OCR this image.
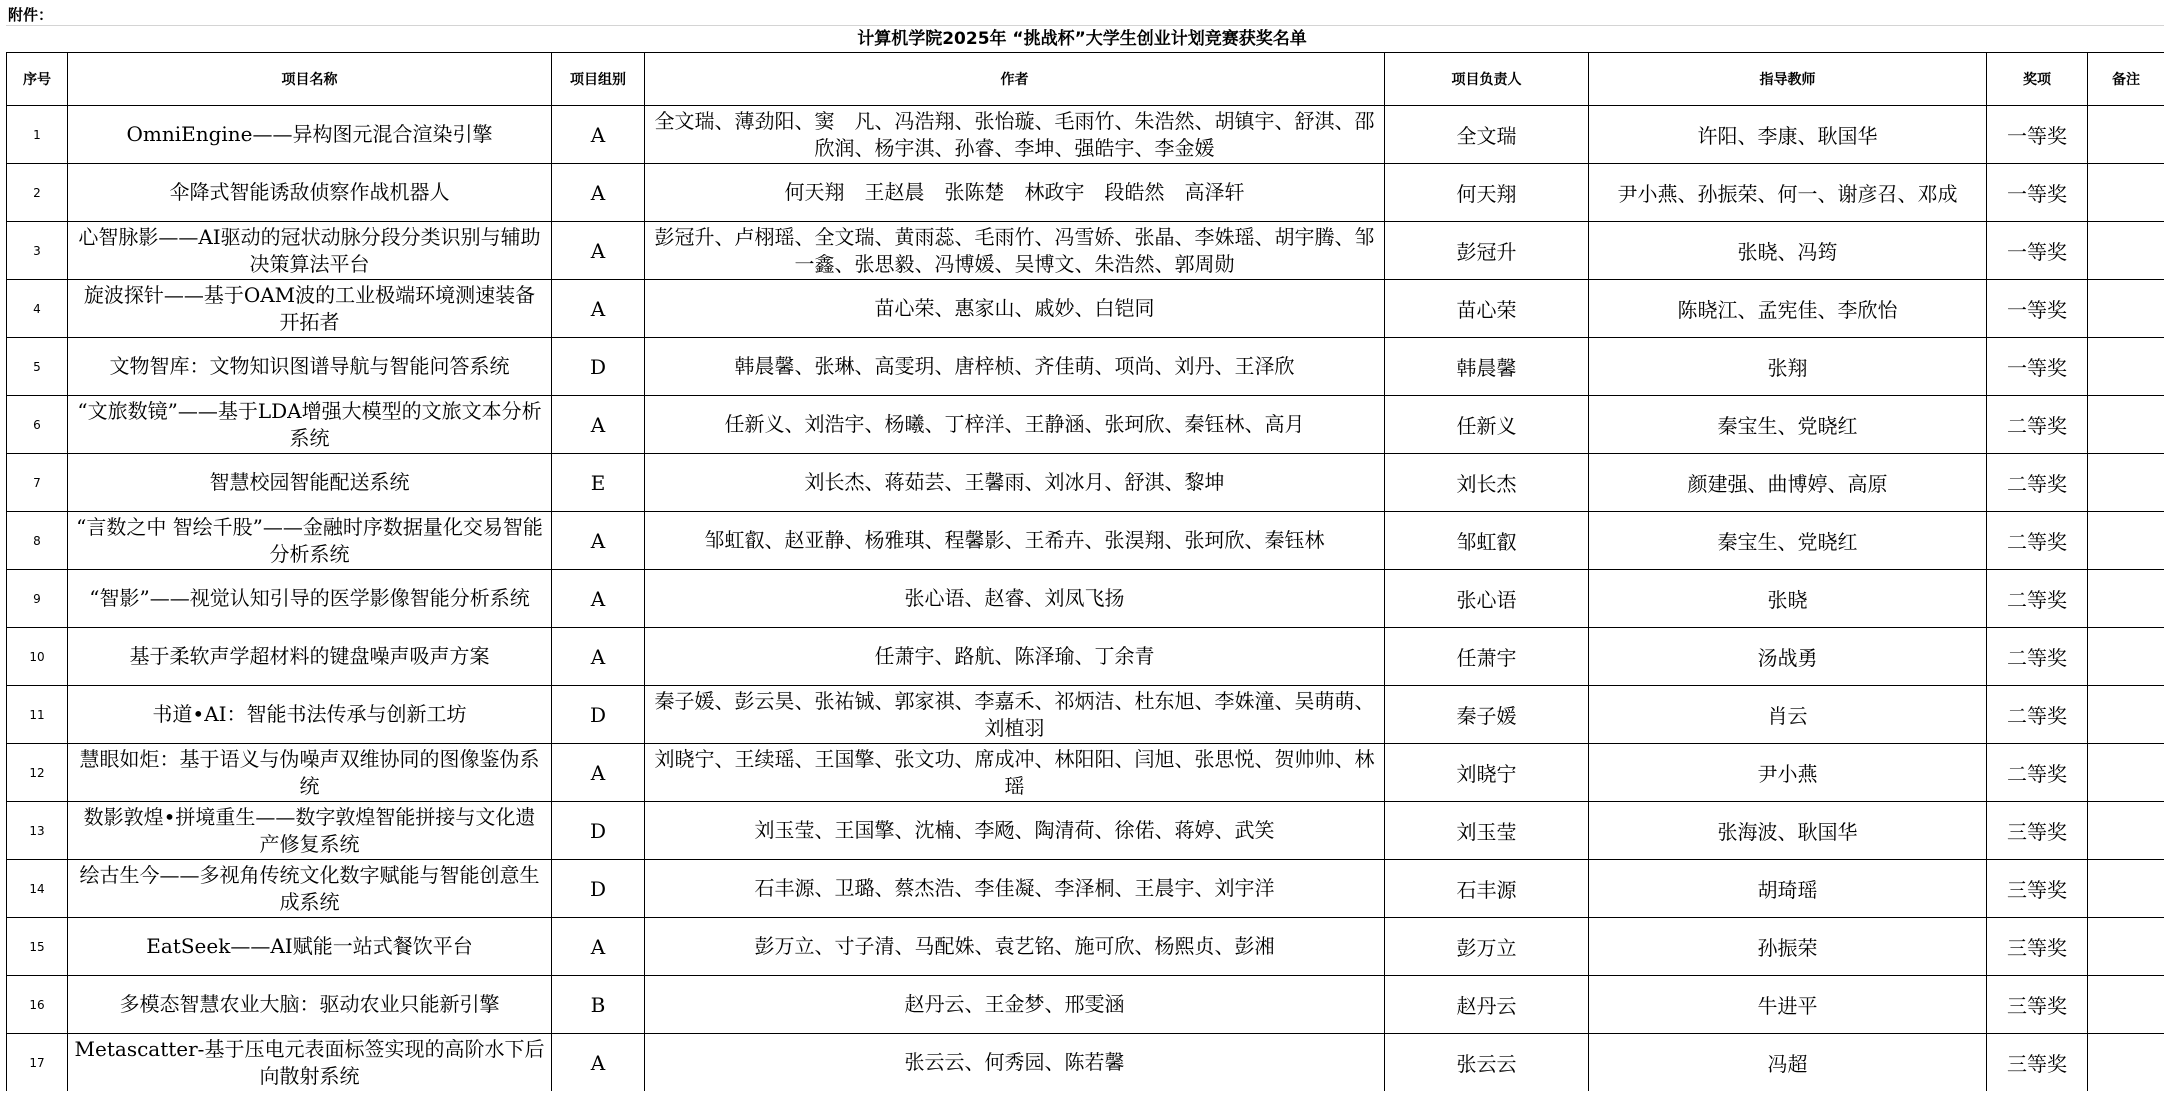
附件：
计算机学院2025年 “挑战杯”大学生创业计划竞赛获奖名单
序号	项目名称	项目组别	作者	项目负责人	指导教师	奖项	备注
1	OmniEngine——异构图元混合渲染引擎	A	全文瑞、薄劲阳、窦　凡、冯浩翔、张怡璇、毛雨竹、朱浩然、胡镇宇、舒淇、邵欣润、杨宇淇、孙睿、李坤、强皓宇、李金媛	全文瑞	许阳、李康、耿国华	一等奖	
2	伞降式智能诱敌侦察作战机器人	A	何天翔　王赵晨　张陈楚　林政宇　段皓然　高泽轩	何天翔	尹小燕、孙振荣、何一、谢彦召、邓成	一等奖	
3	心智脉影——AI驱动的冠状动脉分段分类识别与辅助决策算法平台	A	彭冠升、卢栩瑶、全文瑞、黄雨蕊、毛雨竹、冯雪娇、张晶、李姝瑶、胡宇腾、邹一鑫、张思毅、冯博媛、吴博文、朱浩然、郭周勋	彭冠升	张晓、冯筠	一等奖	
4	旋波探针——基于OAM波的工业极端环境测速装备开拓者	A	苗心荣、惠家山、戚妙、白铠同	苗心荣	陈晓江、孟宪佳、李欣怡	一等奖	
5	文物智库：文物知识图谱导航与智能问答系统	D	韩晨馨、张琳、高雯玥、唐梓桢、齐佳萌、项尚、刘丹、王泽欣	韩晨馨	张翔	一等奖	
6	“文旅数镜”——基于LDA增强大模型的文旅文本分析系统	A	任新义、刘浩宇、杨曦、丁梓洋、王静涵、张珂欣、秦钰林、高月	任新义	秦宝生、党晓红	二等奖	
7	智慧校园智能配送系统	E	刘长杰、蒋茹芸、王馨雨、刘冰月、舒淇、黎坤	刘长杰	颜建强、曲博婷、高原	二等奖	
8	“言数之中 智绘千股”——金融时序数据量化交易智能分析系统	A	邹虹叡、赵亚静、杨雅琪、程馨影、王希卉、张淏翔、张珂欣、秦钰林	邹虹叡	秦宝生、党晓红	二等奖	
9	“智影”——视觉认知引导的医学影像智能分析系统	A	张心语、赵睿、刘凤飞扬	张心语	张晓	二等奖	
10	基于柔软声学超材料的键盘噪声吸声方案	A	任萧宇、路航、陈泽瑜、丁余青	任萧宇	汤战勇	二等奖	
11	书道•AI：智能书法传承与创新工坊	D	秦子媛、彭云昊、张祐铖、郭家祺、李嘉禾、祁炳洁、杜东旭、李姝潼、吴萌萌、刘植羽	秦子媛	肖云	二等奖	
12	慧眼如炬：基于语义与伪噪声双维协同的图像鉴伪系统	A	刘晓宁、王续瑶、王国擎、张文功、席成冲、林阳阳、闫旭、张思悦、贺帅帅、林瑶	刘晓宁	尹小燕	二等奖	
13	数影敦煌•拼境重生——数字敦煌智能拼接与文化遗产修复系统	D	刘玉莹、王国擎、沈楠、李飏、陶清荷、徐偌、蒋婷、武笑	刘玉莹	张海波、耿国华	三等奖	
14	绘古生今——多视角传统文化数字赋能与智能创意生成系统	D	石丰源、卫璐、蔡杰浩、李佳凝、李泽桐、王晨宇、刘宇洋	石丰源	胡琦瑶	三等奖	
15	EatSeek——AI赋能一站式餐饮平台	A	彭万立、寸子清、马配姝、袁艺铭、施可欣、杨熙贞、彭湘	彭万立	孙振荣	三等奖	
16	多模态智慧农业大脑：驱动农业只能新引擎	B	赵丹云、王金梦、邢雯涵	赵丹云	牛进平	三等奖	
17	Metascatter-基于压电元表面标签实现的高阶水下后向散射系统	A	张云云、何秀园、陈若馨	张云云	冯超	三等奖	
